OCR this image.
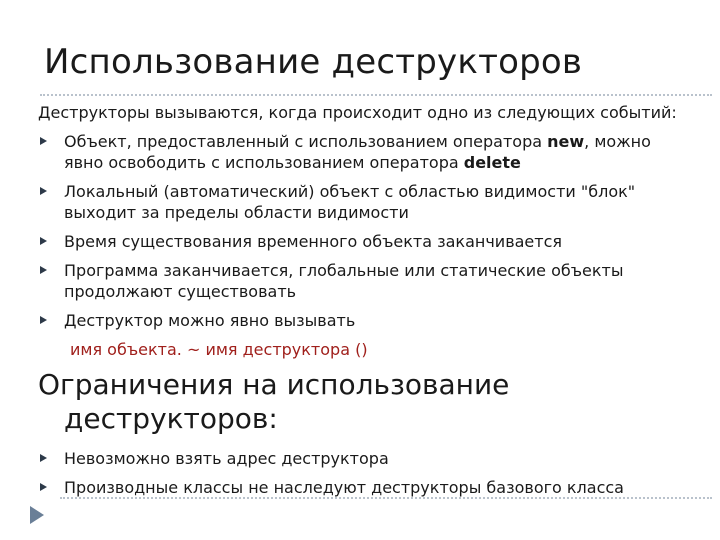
Использование деструкторов

Деструкторы вызываются, когда происходит одно из следующих событий:

Объект, предоставленный с использованием оператора new, можно явно освободить с использованием оператора delete
Локальный (автоматический) объект с областью видимости "блок" выходит за пределы области видимости
Время существования временного объекта заканчивается
Программа заканчивается, глобальные или статические объекты продолжают существовать
Деструктор можно явно вызывать
имя объекта. ~ имя деструктора ()
Ограничения на использование деструкторов:
Невозможно взять адрес деструктора
Производные классы не наследуют деструкторы базового класса
